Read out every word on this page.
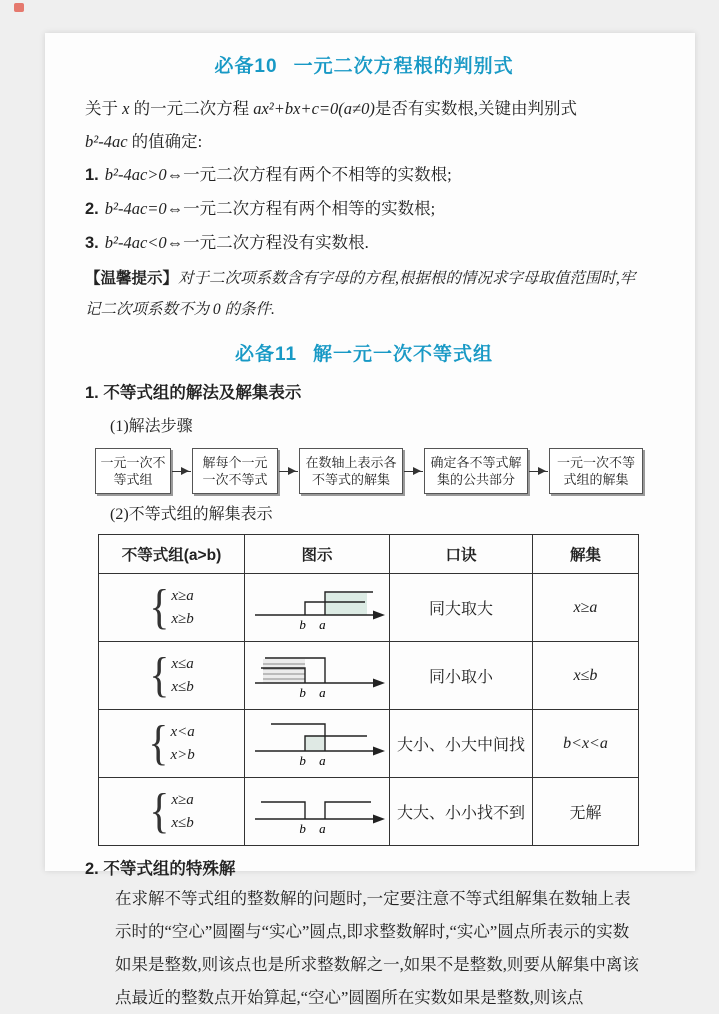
必备10 一元二次方程根的判别式
关于 x 的一元二次方程 ax²+bx+c=0(a≠0)是否有实数根,关键由判别式
b²-4ac 的值确定:
1. b²-4ac>0⇔一元二次方程有两个不相等的实数根;
2. b²-4ac=0⇔一元二次方程有两个相等的实数根;
3. b²-4ac<0⇔一元二次方程没有实数根.
【温馨提示】对于二次项系数含有字母的方程,根据根的情况求字母取值范围时,牢记二次项系数不为 0 的条件.
必备11 解一元一次不等式组
1. 不等式组的解法及解集表示
(1)解法步骤
一元一次不等式组
解每个一元一次不等式
在数轴上表示各不等式的解集
确定各不等式解集的公共部分
一元一次不等式组的解集
(2)不等式组的解集表示
不等式组(a>b)	图示	口诀	解集

{ x≥a
x≥b	b a	同大取大	x≥a

{ x≤a
x≤b	b a	同小取小	x≤b

{ x<a
x>b	b a	大小、小大中间找	b<x<a

{ x≥a
x≤b	b a	大大、小小找不到	无解
2. 不等式组的特殊解
在求解不等式组的整数解的问题时,一定要注意不等式组解集在数轴上表示时的“空心”圆圈与“实心”圆点,即求整数解时,“实心”圆点所表示的实数如果是整数,则该点也是所求整数解之一,如果不是整数,则要从解集中离该点最近的整数点开始算起,“空心”圆圈所在实数如果是整数,则该点
